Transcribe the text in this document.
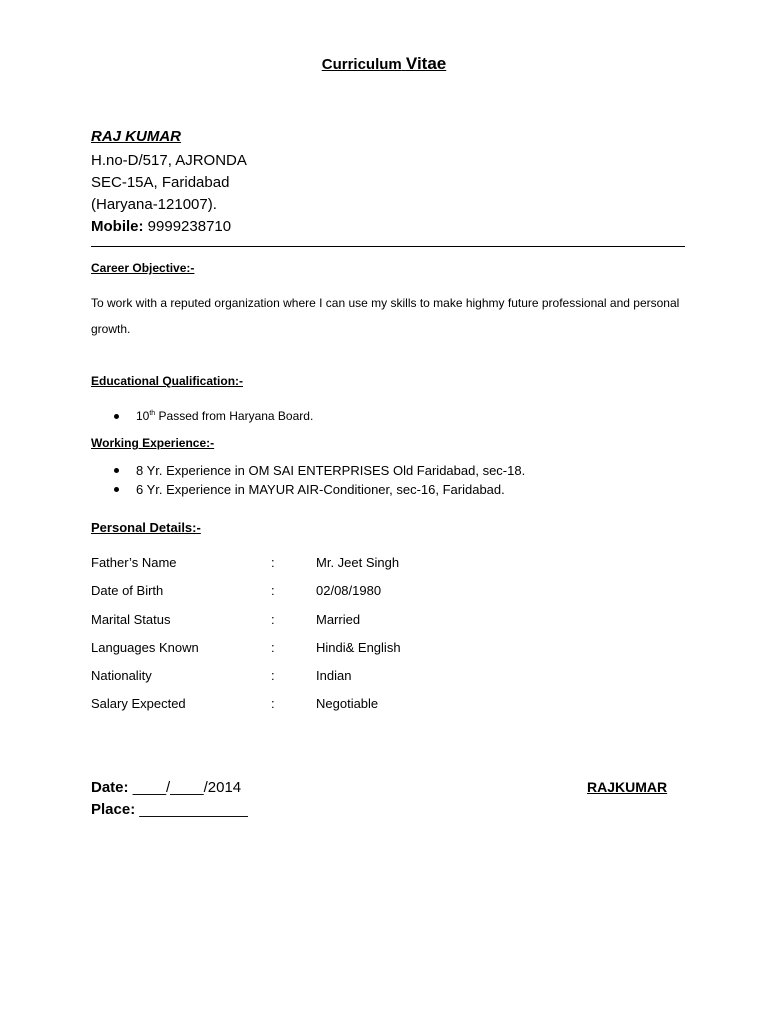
Curriculum Vitae
RAJ KUMAR
H.no-D/517, AJRONDA
SEC-15A, Faridabad
(Haryana-121007).
Mobile: 9999238710
Career Objective:-
To work with a reputed organization where I can use my skills to make highmy future professional and personal growth.
Educational Qualification:-
10th Passed from Haryana Board.
Working Experience:-
8 Yr. Experience in OM SAI ENTERPRISES Old Faridabad, sec-18.
6 Yr. Experience in MAYUR AIR-Conditioner, sec-16, Faridabad.
Personal Details:-
Father’s Name	:	Mr. Jeet Singh
Date of Birth	:	02/08/1980
Marital Status	:	Married
Languages Known	:	Hindi& English
Nationality	:	Indian
Salary Expected	:	Negotiable
Date: ____/____/2014
Place: _____________
RAJKUMAR
